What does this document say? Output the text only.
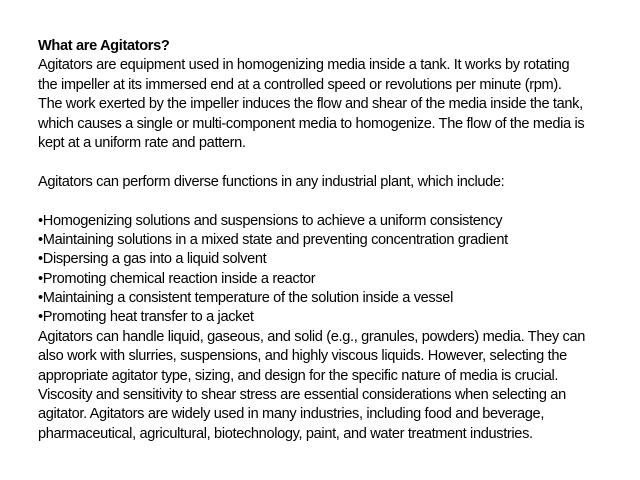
What are Agitators?
Agitators are equipment used in homogenizing media inside a tank. It works by rotating
the impeller at its immersed end at a controlled speed or revolutions per minute (rpm).
The work exerted by the impeller induces the flow and shear of the media inside the tank,
which causes a single or multi-component media to homogenize. The flow of the media is
kept at a uniform rate and pattern.
Agitators can perform diverse functions in any industrial plant, which include:
•Homogenizing solutions and suspensions to achieve a uniform consistency
•Maintaining solutions in a mixed state and preventing concentration gradient
•Dispersing a gas into a liquid solvent
•Promoting chemical reaction inside a reactor
•Maintaining a consistent temperature of the solution inside a vessel
•Promoting heat transfer to a jacket
Agitators can handle liquid, gaseous, and solid (e.g., granules, powders) media. They can
also work with slurries, suspensions, and highly viscous liquids. However, selecting the
appropriate agitator type, sizing, and design for the specific nature of media is crucial.
Viscosity and sensitivity to shear stress are essential considerations when selecting an
agitator. Agitators are widely used in many industries, including food and beverage,
pharmaceutical, agricultural, biotechnology, paint, and water treatment industries.
